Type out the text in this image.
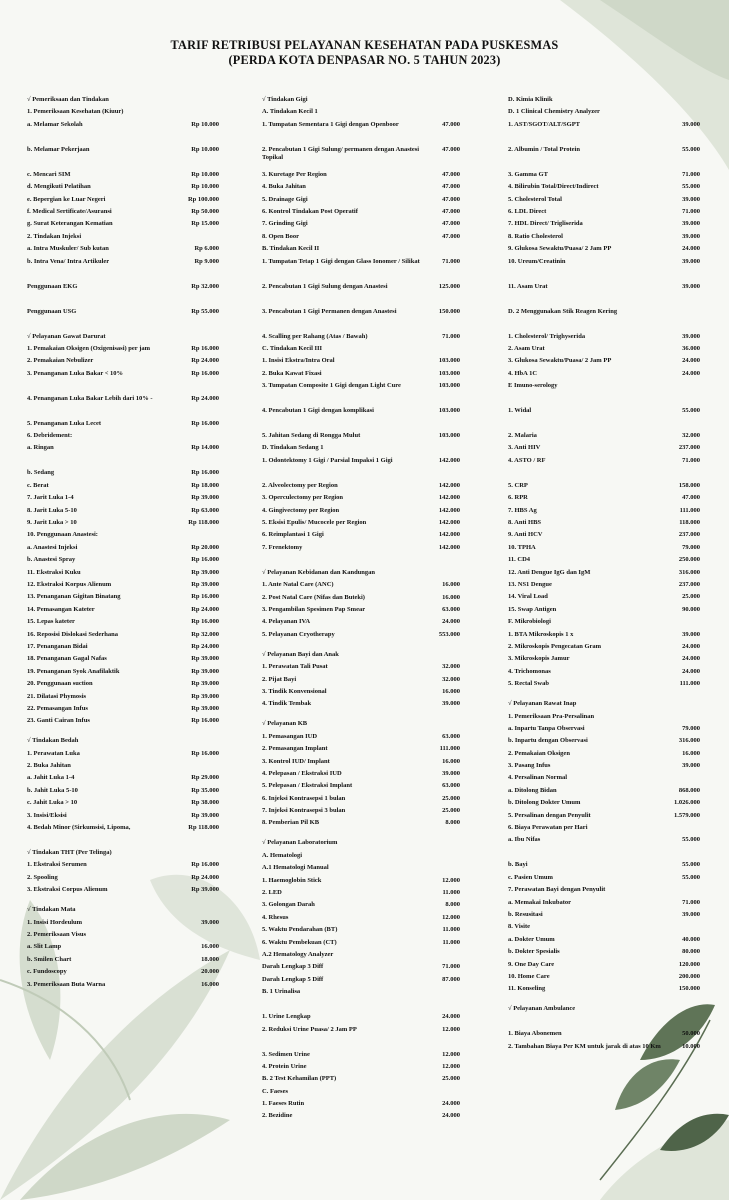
TARIF RETRIBUSI PELAYANAN KESEHATAN PADA PUSKESMAS
(PERDA KOTA DENPASAR NO. 5 TAHUN 2023)
√ Pemeriksaan dan Tindakan
1. Pemeriksaan Kesehatan (Kiuur)
a. Melamar Sekolah	Rp 10.000
b. Melamar Pekerjaan	Rp 10.000
c. Mencari SIM	Rp 10.000
d. Mengikuti Pelatihan	Rp 10.000
e. Bepergian ke Luar Negeri	Rp 100.000
f. Medical Sertificate/Asuransi	Rp 50.000
g. Surat Keterangan Kematian	Rp 15.000
2. Tindakan Injeksi
a. Intra Muskuler/ Sub kutan	Rp 6.000
b. Intra Vena/ Intra Artikuler	Rp 9.000
Penggunaan EKG	Rp 32.000
Penggunaan USG	Rp 55.000
√ Pelayanan Gawat Darurat
1. Pemakaian Oksigen (Oxigenisasi) per jam	Rp 16.000
2. Pemakaian Nebulizer	Rp 24.000
3. Penanganan Luka Bakar < 10%	Rp 16.000
4. Penanganan Luka Bakar Lebih dari 10% -	Rp 24.000
5. Penanganan Luka Lecet	Rp 16.000
6. Debridement:
a. Ringan	Rp 14.000
b. Sedang	Rp 16.000
c. Berat	Rp 18.000
7. Jarit Luka 1-4	Rp 39.000
8. Jarit Luka 5-10	Rp 63.000
9. Jarit Luka > 10	Rp 118.000
10. Penggunaan Anastesi:
a. Anastesi Injeksi	Rp 20.000
b. Anastesi Spray	Rp 16.000
11. Ekstraksi Kuku	Rp 39.000
12. Ekstraksi Korpus Alienum	Rp 39.000
13. Penanganan Gigitan Binatang	Rp 16.000
14. Pemasangan Kateter	Rp 24.000
15. Lepas kateter	Rp 16.000
16. Reposisi Dislokasi Sederhana	Rp 32.000
17. Penanganan Bidai	Rp 24.000
18. Penanganan Gagal Nafas	Rp 39.000
19. Penanganan Syok Anafilaktik	Rp 39.000
20. Penggunaan suction	Rp 39.000
21. Dilatasi Phymosis	Rp 39.000
22. Pemasangan Infus	Rp 39.000
23. Ganti Cairan Infus	Rp 16.000
√ Tindakan Bedah
1. Perawatan Luka	Rp 16.000
2. Buka Jahitan
a. Jahit Luka 1-4	Rp 29.000
b. Jahit Luka 5-10	Rp 35.000
c. Jahit Luka > 10	Rp 38.000
3. Insisi/Eksisi	Rp 39.000
4. Bedah Minor (Sirkumsisi, Lipoma,	Rp 118.000
√ Tindakan THT (Per Telinga)
1. Ekstraksi Serumen	Rp 16.000
2. Spooling	Rp 24.000
3. Ekstraksi Corpus Alienum	Rp 39.000
√ Tindakan Mata
1. Insisi Hordeulum	39.000
2. Pemeriksaan Visus
a. Slit Lamp	16.000
b. Smilen Chart	18.000
c. Fundoscopy	20.000
3. Pemeriksaan Buta Warna	16.000
√ Tindakan Gigi
A. Tindakan Kecil 1
1. Tumpatan Sementara 1 Gigi dengan Openboor	47.000
2. Pencabutan 1 Gigi Sulung/ permanen dengan Anastesi Topikal
47.000
3. Kuretage Per Region	47.000
4. Buka Jahitan	47.000
5. Drainage Gigi	47.000
6. Kontrol Tindakan Post Operatif	47.000
7. Grinding Gigi	47.000
8. Open Boor	47.000
B. Tindakan Kecil II
1. Tumpatan Tetap 1 Gigi dengan Glass Ionomer / Silikat	71.000
2. Pencabutan 1 Gigi Sulung dengan Anastesi	125.000
3. Pencabutan 1 Gigi Permanen dengan Anastesi	150.000
4. Scalling per Rahang (Atas / Bawah)	71.000
C. Tindakan Kecil III
1. Insisi Ekstra/Intra Oral	103.000
2. Buka Kawat Fixasi	103.000
3. Tumpatan Composite 1 Gigi dengan Light Cure	103.000
4. Pencabutan 1 Gigi dengan komplikasi	103.000
5. Jahitan Sedang di Rongga Mulut	103.000
D. Tindakan Sedang 1
1. Odontektomy 1 Gigi / Parsial Impaksi 1 Gigi	142.000
2. Alveolectomy per Region	142.000
3. Operculectomy per Region	142.000
4. Gingivectomy per Region	142.000
5. Eksisi Epulis/ Mucocele per Region	142.000
6. Reimplantasi 1 Gigi	142.000
7. Frenektomy	142.000
√ Pelayanan Kebidanan dan Kandungan
1. Ante Natal Care (ANC)	16.000
2. Post Natal Care (Nifas dan Buteki)	16.000
3. Pengambilan Spesimen Pap Smear	63.000
4. Pelayanan IVA	24.000
5. Pelayanan Cryotherapy	553.000
√ Pelayanan Bayi dan Anak
1. Perawatan Tali Pusat	32.000
2. Pijat Bayi	32.000
3. Tindik Konvensional	16.000
4. Tindik Tembak	39.000
√ Pelayanan KB
1. Pemasangan IUD	63.000
2. Pemasangan Implant	111.000
3. Kontrol IUD/ Implant	16.000
4. Pelepasan / Ekstraksi IUD	39.000
5. Pelepasan / Ekstraksi Implant	63.000
6. Injeksi Kontrasepsi 1 bulan	25.000
7. Injeksi Kontrasepsi 3 bulan	25.000
8. Pemberian Pil KB	8.000
√ Pelayanan Laboratorium
A. Hematologi
A.1 Hematologi Manual
1. Haemoglobin Stick	12.000
2. LED	11.000
3. Golongan Darah	8.000
4. Rhesus	12.000
5. Waktu Pendarahan (BT)	11.000
6. Waktu Pembekuan (CT)	11.000
A.2 Hematology Analyzer
Darah Lengkap 3 Diff	71.000
Darah Lengkap 5 Diff	87.000
B. 1 Urinalisa
1. Urine Lengkap	24.000
2. Reduksi Urine Puasa/ 2 Jam PP	12.000
3. Sedimen Urine	12.000
4. Protein Urine	12.000
B. 2 Test Kehamilan (PPT)	25.000
C. Faeses
1. Faeses Rutin	24.000
2. Bezidine	24.000
D. Kimia Klinik
D. 1 Clinical Chemistry Analyzer
1. AST/SGOT/ALT/SGPT	39.000
2. Albumin / Total Protein	55.000
3. Gamma GT	71.000
4. Bilirubin Total/Direct/Indirect	55.000
5. Cholesterol Total	39.000
6. LDL Direct	71.000
7. HDL Direct/ Trigliserida	39.000
8. Ratio Cholesterol	39.000
9. Glukosa Sewaktu/Puasa/ 2 Jam PP	24.000
10. Ureum/Creatinin	39.000
11. Asam Urat	39.000
D. 2 Menggunakan Stik Reagen Kering
1. Cholesterol/ Trighyserida	39.000
2. Asam Urat	36.000
3. Glukosa Sewaktu/Puasa/ 2 Jam PP	24.000
4. HbA 1C	24.000
E Imuno-serology
1. Widal	55.000
2. Malaria	32.000
3. Anti HIV	237.000
4. ASTO / RF	71.000
5. CRP	158.000
6. RPR	47.000
7. HBS Ag	111.000
8. Anti HBS	118.000
9. Anti HCV	237.000
10. TPHA	79.000
11. CD4	250.000
12. Anti Dengue IgG dan IgM	316.000
13. NS1 Dengue	237.000
14. Viral Load	25.000
15. Swap Antigen	90.000
F. Mikrobiologi
1. BTA Mikroskopis 1 x	39.000
2. Mikroskopis Pengecatan Gram	24.000
3. Mikroskopis Jamur	24.000
4. Trichomonas	24.000
5. Rectal Swab	111.000
√ Pelayanan Rawat Inap
1. Pemeriksaan Pra-Persalinan
a. Inpartu Tanpa Observasi	79.000
b. Inpartu dengan Observasi	316.000
2. Pemakaian Oksigen	16.000
3. Pasang Infus	39.000
4. Persalinan Normal
a. Ditolong Bidan	868.000
b. Ditolong Dokter Umum	1.026.000
5. Persalinan dengan Penyulit	1.579.000
6. Biaya Perawatan per Hari
a. Ibu Nifas	55.000
b. Bayi	55.000
c. Pasien Umum	55.000
7. Perawatan Bayi dengan Penyulit
a. Memakai Inkubator	71.000
b. Resusitasi	39.000
8. Visite
a. Dokter Umum	40.000
b. Dokter Spesialis	80.000
9. One Day Care	120.000
10. Home Care	200.000
11. Konseling	150.000
√ Pelayanan Ambulance
1. Biaya Abonemen	50.000
2. Tambahan Biaya Per KM untuk jarak di atas 10 Km	10.000
